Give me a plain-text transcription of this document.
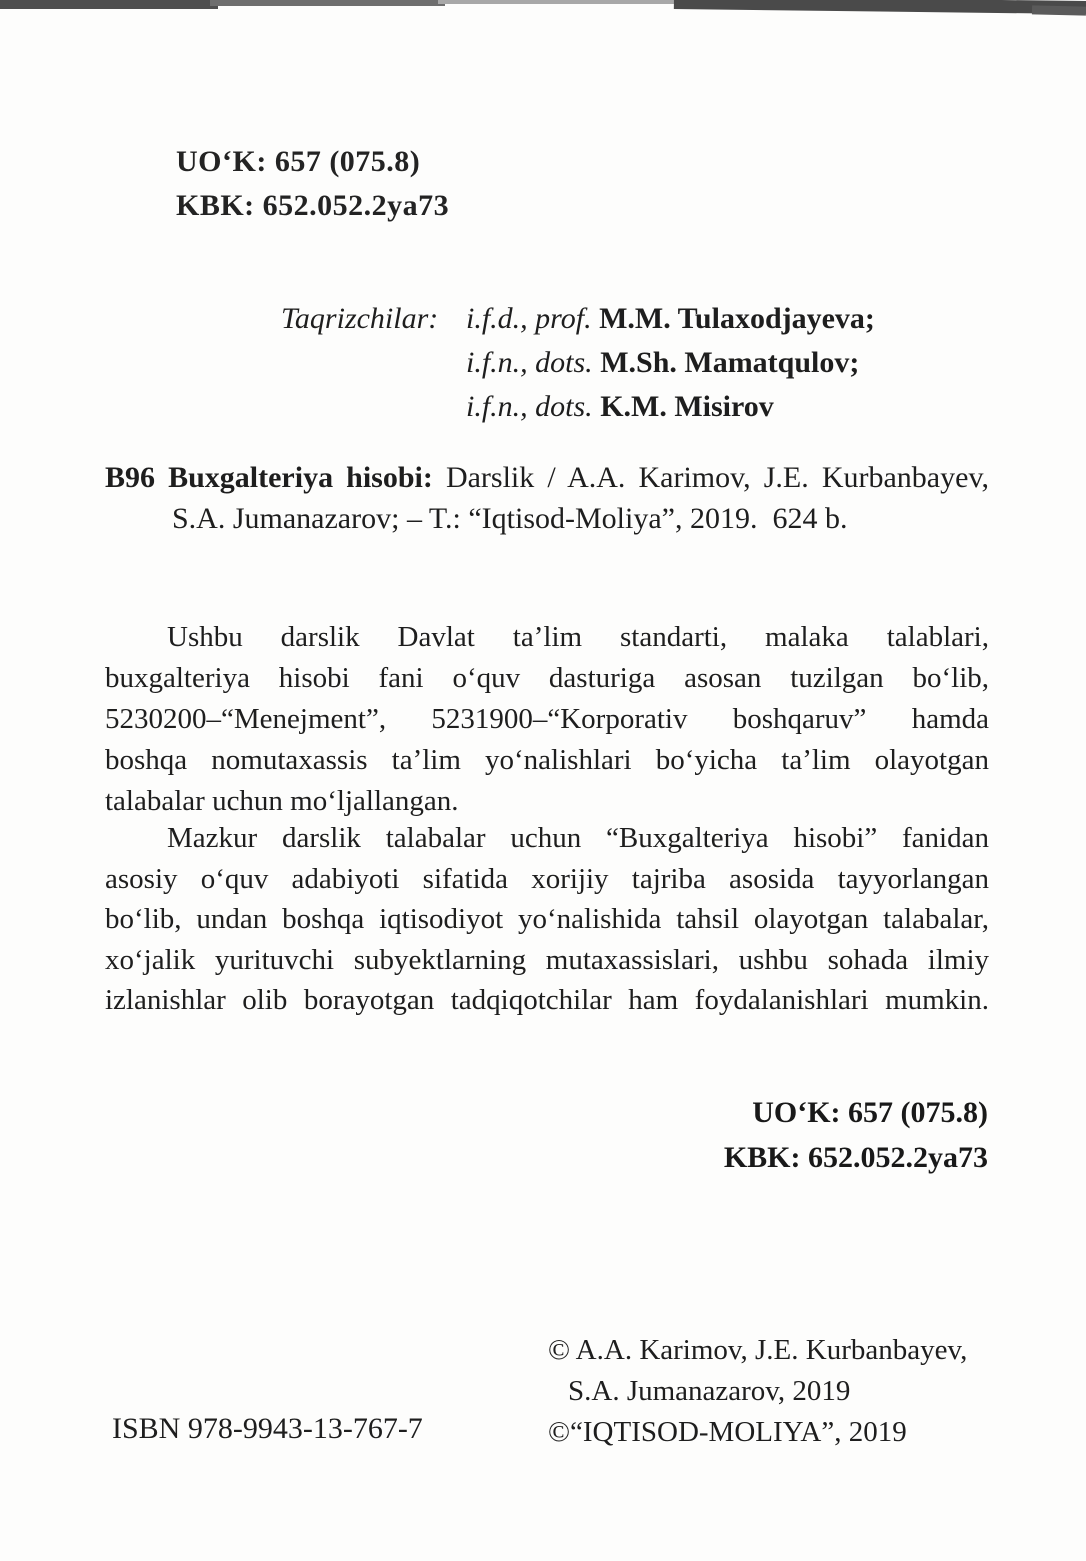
UO‘K: 657 (075.8)
KBK: 652.052.2ya73
Taqrizchilar: i.f.d., prof. M.M. Tulaxodjayeva;
i.f.n., dots. M.Sh. Mamatqulov;
i.f.n., dots. K.M. Misirov
B96 Buxgalteriya hisobi: Darslik / A.A. Karimov, J.E. Kurbanbayev,
S.A. Jumanazarov; – T.: “Iqtisod-Moliya”, 2019.  624 b.
Ushbu darslik Davlat ta’lim standarti, malaka talablari,
buxgalteriya hisobi fani o‘quv dasturiga asosan tuzilgan bo‘lib,
5230200–“Menejment”, 5231900–“Korporativ boshqaruv” hamda
boshqa nomutaxassis ta’lim yo‘nalishlari bo‘yicha ta’lim olayotgan
talabalar uchun mo‘ljallangan.
Mazkur darslik talabalar uchun “Buxgalteriya hisobi” fanidan
asosiy o‘quv adabiyoti sifatida xorijiy tajriba asosida tayyorlangan
bo‘lib, undan boshqa iqtisodiyot yo‘nalishida tahsil olayotgan talabalar,
xo‘jalik yurituvchi subyektlarning mutaxassislari, ushbu sohada ilmiy
izlanishlar olib borayotgan tadqiqotchilar ham foydalanishlari mumkin.
UO‘K: 657 (075.8)
KBK: 652.052.2ya73
© A.A. Karimov, J.E. Kurbanbayev,
S.A. Jumanazarov, 2019
©“IQTISOD-MOLIYA”, 2019
ISBN 978-9943-13-767-7
